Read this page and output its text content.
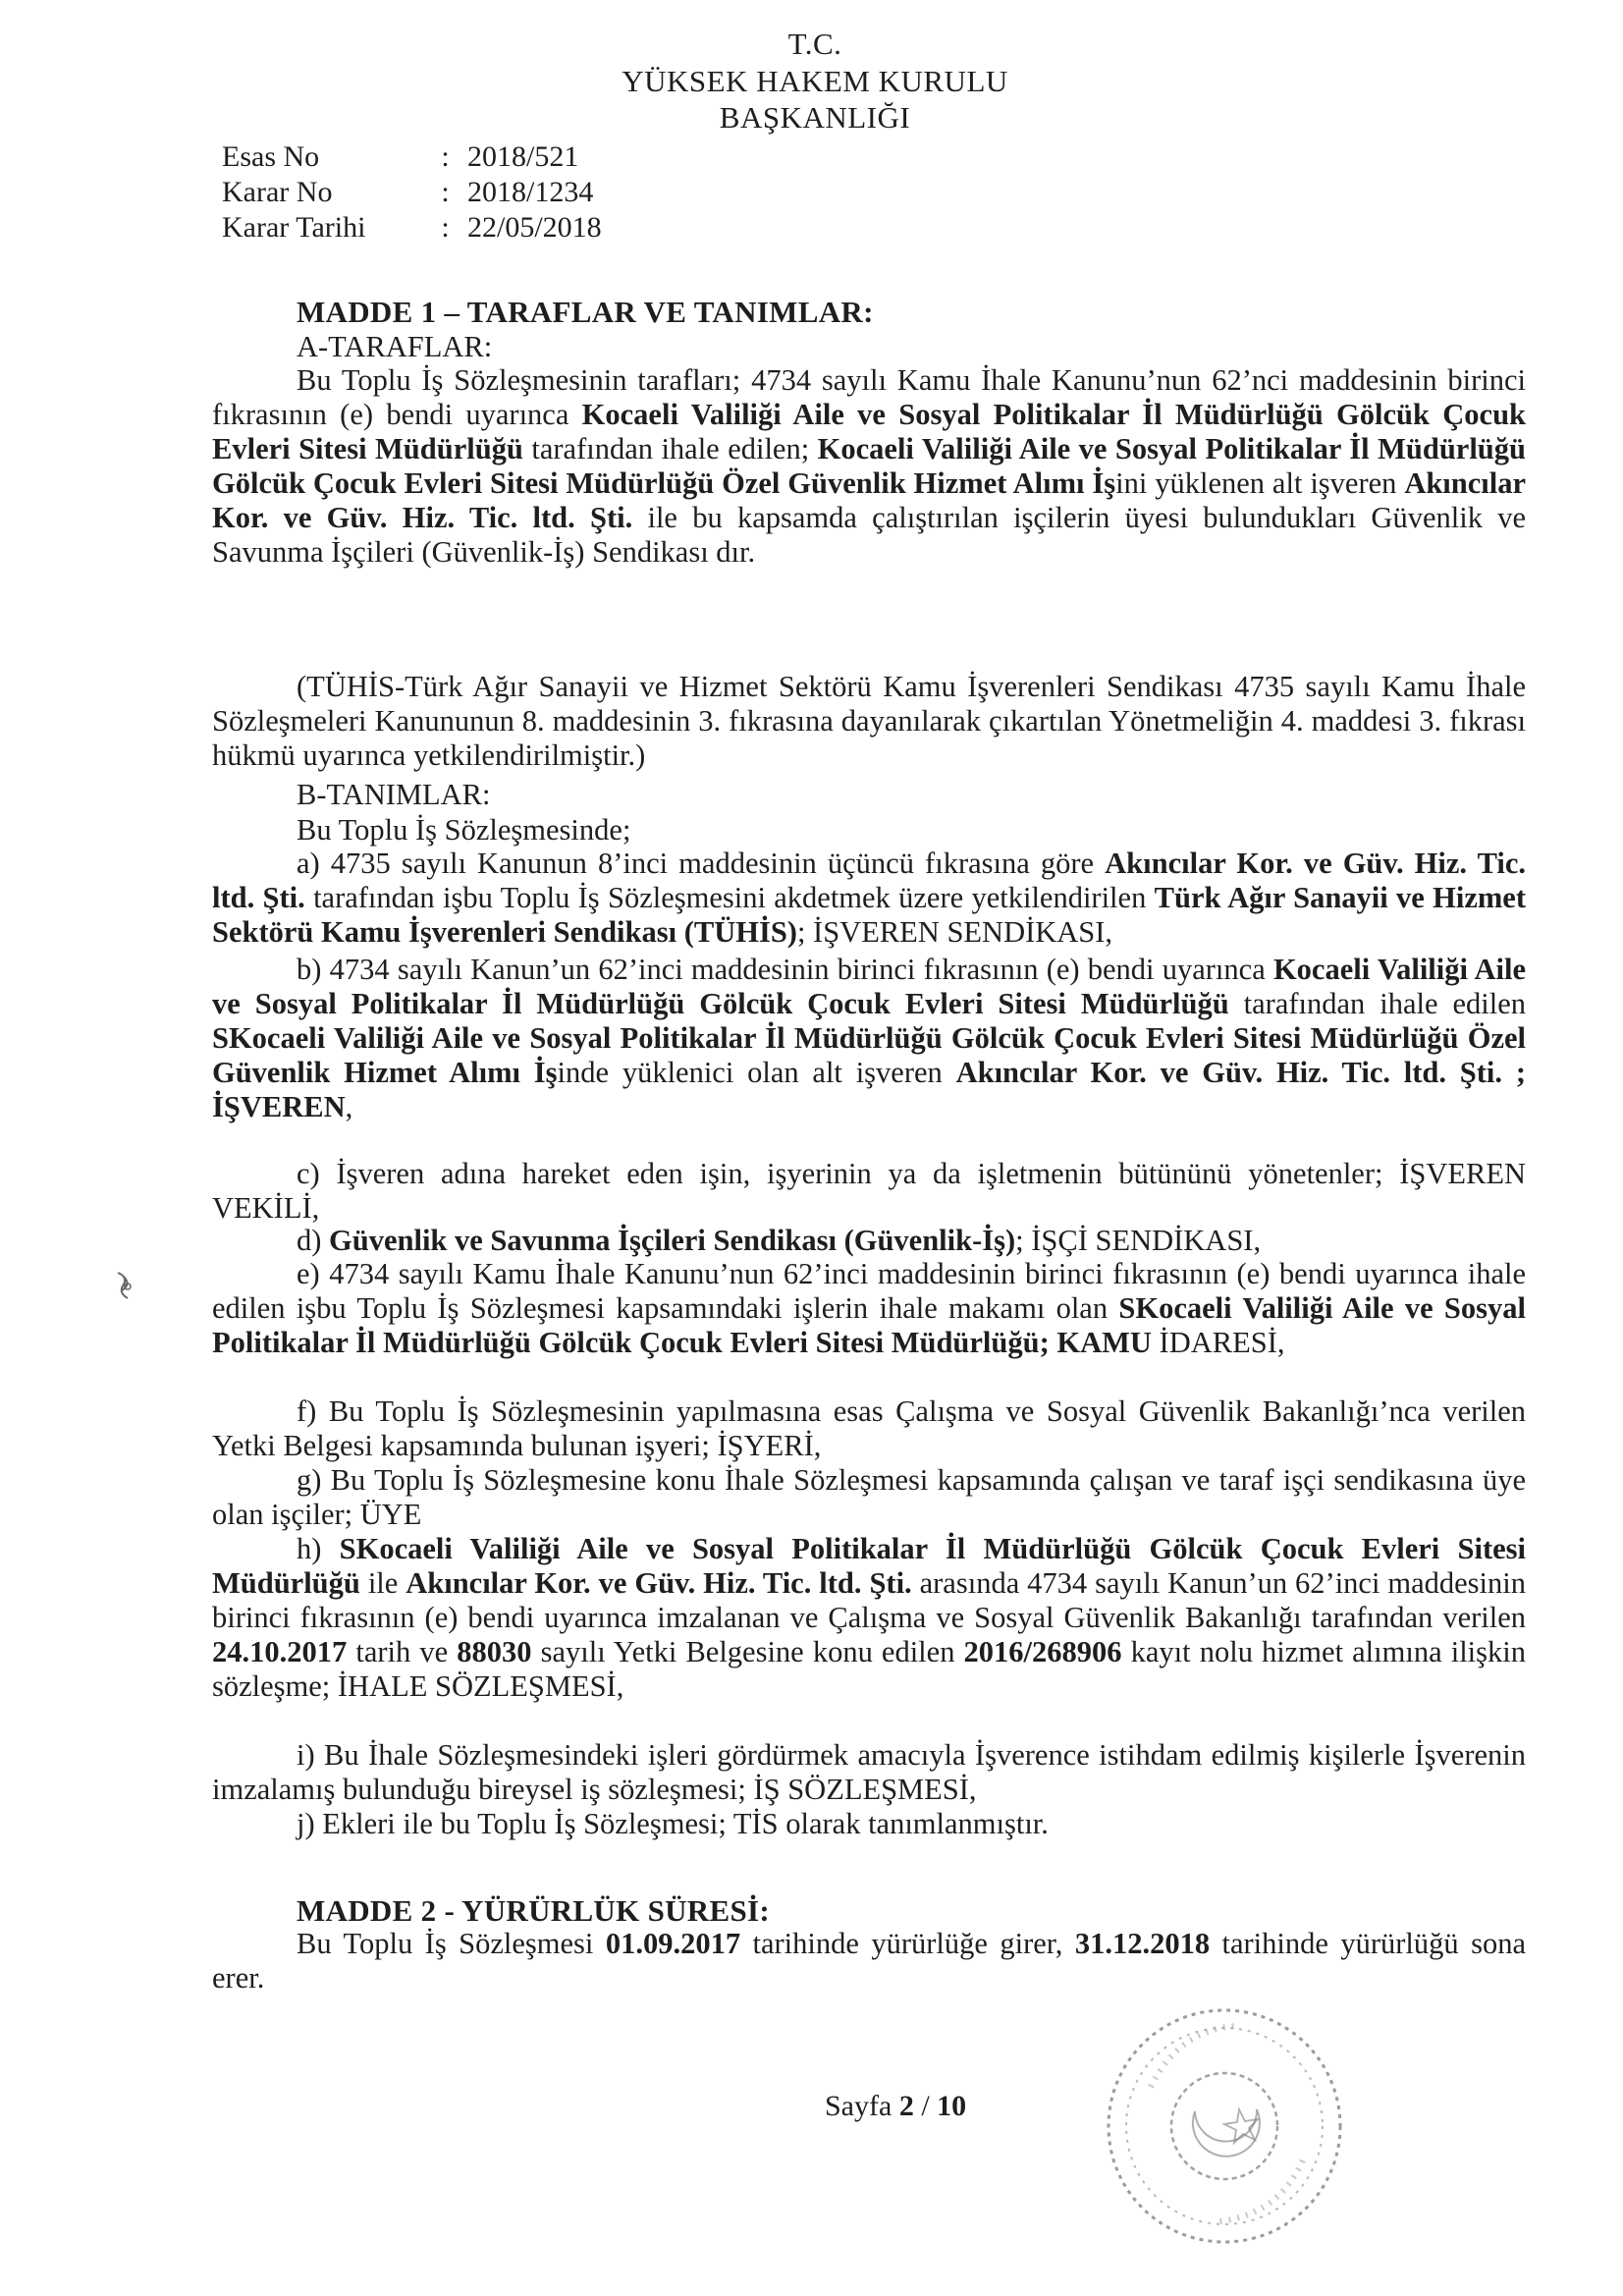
T.C.
YÜKSEK HAKEM KURULU
BAŞKANLIĞI
Esas No	: 2018/521
Karar No	: 2018/1234
Karar Tarihi	: 22/05/2018
MADDE 1 – TARAFLAR VE TANIMLAR:
A-TARAFLAR:
Bu Toplu İş Sözleşmesinin tarafları; 4734 sayılı Kamu İhale Kanunu’nun 62’nci maddesinin birinci fıkrasının (e) bendi uyarınca Kocaeli Valiliği Aile ve Sosyal Politikalar İl Müdürlüğü Gölcük Çocuk Evleri Sitesi Müdürlüğü tarafından ihale edilen; Kocaeli Valiliği Aile ve Sosyal Politikalar İl Müdürlüğü Gölcük Çocuk Evleri Sitesi Müdürlüğü Özel Güvenlik Hizmet Alımı İşini yüklenen alt işveren Akıncılar Kor. ve Güv. Hiz. Tic. ltd. Şti. ile bu kapsamda çalıştırılan işçilerin üyesi bulundukları Güvenlik ve Savunma İşçileri (Güvenlik-İş) Sendikası dır.
(TÜHİS-Türk Ağır Sanayii ve Hizmet Sektörü Kamu İşverenleri Sendikası 4735 sayılı Kamu İhale Sözleşmeleri Kanununun 8. maddesinin 3. fıkrasına dayanılarak çıkartılan Yönetmeliğin 4. maddesi 3. fıkrası hükmü uyarınca yetkilendirilmiştir.)
B-TANIMLAR:
Bu Toplu İş Sözleşmesinde;
a) 4735 sayılı Kanunun 8’inci maddesinin üçüncü fıkrasına göre Akıncılar Kor. ve Güv. Hiz. Tic. ltd. Şti. tarafından işbu Toplu İş Sözleşmesini akdetmek üzere yetkilendirilen Türk Ağır Sanayii ve Hizmet Sektörü Kamu İşverenleri Sendikası (TÜHİS); İŞVEREN SENDİKASI,
b) 4734 sayılı Kanun’un 62’inci maddesinin birinci fıkrasının (e) bendi uyarınca Kocaeli Valiliği Aile ve Sosyal Politikalar İl Müdürlüğü Gölcük Çocuk Evleri Sitesi Müdürlüğü tarafından ihale edilen SKocaeli Valiliği Aile ve Sosyal Politikalar İl Müdürlüğü Gölcük Çocuk Evleri Sitesi Müdürlüğü Özel Güvenlik Hizmet Alımı İşinde yüklenici olan alt işveren Akıncılar Kor. ve Güv. Hiz. Tic. ltd. Şti. ; İŞVEREN,
c) İşveren adına hareket eden işin, işyerinin ya da işletmenin bütününü yönetenler; İŞVEREN VEKİLİ,
d) Güvenlik ve Savunma İşçileri Sendikası (Güvenlik-İş); İŞÇİ SENDİKASI,
e) 4734 sayılı Kamu İhale Kanunu’nun 62’inci maddesinin birinci fıkrasının (e) bendi uyarınca ihale edilen işbu Toplu İş Sözleşmesi kapsamındaki işlerin ihale makamı olan SKocaeli Valiliği Aile ve Sosyal Politikalar İl Müdürlüğü Gölcük Çocuk Evleri Sitesi Müdürlüğü; KAMU İDARESİ,
f) Bu Toplu İş Sözleşmesinin yapılmasına esas Çalışma ve Sosyal Güvenlik Bakanlığı’nca verilen Yetki Belgesi kapsamında bulunan işyeri; İŞYERİ,
g) Bu Toplu İş Sözleşmesine konu İhale Sözleşmesi kapsamında çalışan ve taraf işçi sendikasına üye olan işçiler; ÜYE
h) SKocaeli Valiliği Aile ve Sosyal Politikalar İl Müdürlüğü Gölcük Çocuk Evleri Sitesi Müdürlüğü ile Akıncılar Kor. ve Güv. Hiz. Tic. ltd. Şti. arasında 4734 sayılı Kanun’un 62’inci maddesinin birinci fıkrasının (e) bendi uyarınca imzalanan ve Çalışma ve Sosyal Güvenlik Bakanlığı tarafından verilen 24.10.2017 tarih ve 88030 sayılı Yetki Belgesine konu edilen 2016/268906 kayıt nolu hizmet alımına ilişkin sözleşme; İHALE SÖZLEŞMESİ,
i) Bu İhale Sözleşmesindeki işleri gördürmek amacıyla İşverence istihdam edilmiş kişilerle İşverenin imzalamış bulunduğu bireysel iş sözleşmesi; İŞ SÖZLEŞMESİ,
j) Ekleri ile bu Toplu İş Sözleşmesi; TİS olarak tanımlanmıştır.
MADDE 2 - YÜRÜRLÜK SÜRESİ:
Bu Toplu İş Sözleşmesi 01.09.2017 tarihinde yürürlüğe girer, 31.12.2018 tarihinde yürürlüğü sona erer.
Sayfa 2 / 10
